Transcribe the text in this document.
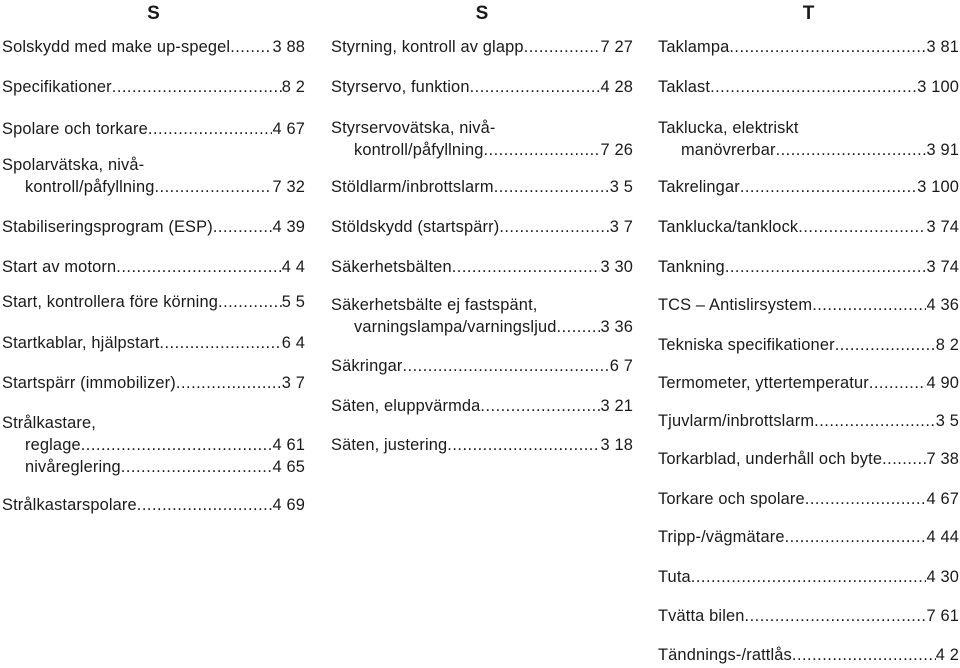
S
Solskydd med make up-spegel .....	3 88
Specifikationer .....	8 2
Spolare och torkare .....	4 67
Spolarvätska, nivå-
kontroll/påfyllning .....	7 32
Stabiliseringsprogram (ESP) .....	4 39
Start av motorn .....	4 4
Start, kontrollera före körning .....	5 5
Startkablar, hjälpstart .....	6 4
Startspärr (immobilizer) .....	3 7
Strålkastare,
reglage .....	4 61
nivåreglering .....	4 65
Strålkastarspolare .....	4 69
S
Styrning, kontroll av glapp .....	7 27
Styrservo, funktion .....	4 28
Styrservovätska, nivå-
kontroll/påfyllning .....	7 26
Stöldlarm/inbrottslarm .....	3 5
Stöldskydd (startspärr) .....	3 7
Säkerhetsbälten .....	3 30
Säkerhetsbälte ej fastspänt,
varningslampa/varningsljud .....	3 36
Säkringar .....	6 7
Säten, eluppvärmda .....	3 21
Säten, justering .....	3 18
T
Taklampa .....	3 81
Taklast .....	3 100
Taklucka, elektriskt
manövrerbar .....	3 91
Takrelingar .....	3 100
Tanklucka/tanklock .....	3 74
Tankning .....	3 74
TCS – Antislirsystem .....	4 36
Tekniska specifikationer .....	8 2
Termometer, yttertemperatur .....	4 90
Tjuvlarm/inbrottslarm .....	3 5
Torkarblad, underhåll och byte .....	7 38
Torkare och spolare .....	4 67
Tripp-/vägmätare .....	4 44
Tuta .....	4 30
Tvätta bilen .....	7 61
Tändnings-/rattlås .....	4 2
